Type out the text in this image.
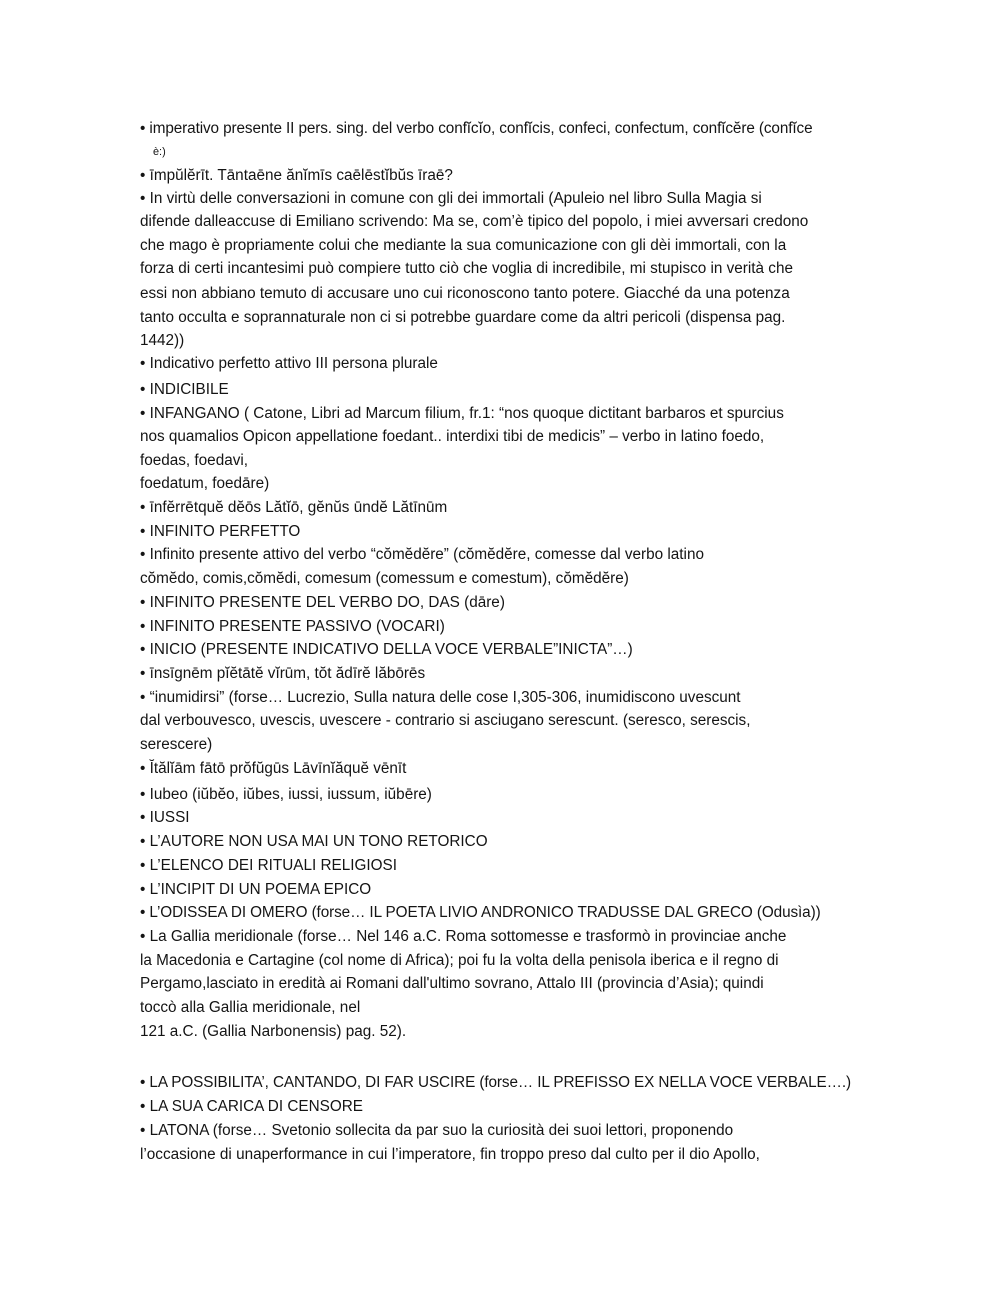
• imperativo presente II pers. sing. del verbo confĭcĭo, confĭcis, confeci, confectum, confĭcĕre (confĭce
è:)
• īmpŭlĕrīt. Tāntaēne ănĭmīs caēlēstĭbŭs īraē?
• In virtù delle conversazioni in comune con gli dei immortali (Apuleio nel libro Sulla Magia si
difende dalleaccuse di Emiliano scrivendo: Ma se, com’è tipico del popolo, i miei avversari credono
che mago è propriamente colui che mediante la sua comunicazione con gli dèi immortali, con la
forza di certi incantesimi può compiere tutto ciò che voglia di incredibile, mi stupisco in verità che
essi non abbiano temuto di accusare uno cui riconoscono tanto potere. Giacché da una potenza
tanto occulta e soprannaturale non ci si potrebbe guardare come da altri pericoli (dispensa pag.
1442))
• Indicativo perfetto attivo III persona plurale
• INDICIBILE
• INFANGANO ( Catone, Libri ad Marcum filium, fr.1: “nos quoque dictitant barbaros et spurcius
nos quamalios Opicon appellatione foedant.. interdixi tibi de medicis” – verbo in latino foedo,
foedas, foedavi,
foedatum, foedāre)
• īnfĕrrētquĕ dĕōs Lătĭō, gĕnŭs ūndĕ Lătīnūm
• INFINITO PERFETTO
• Infinito presente attivo del verbo “cŏmĕdĕre” (cŏmĕdĕre, comesse dal verbo latino
cŏmĕdo, comis,cŏmĕdi, comesum (comessum e comestum), cŏmĕdĕre)
• INFINITO PRESENTE DEL VERBO DO, DAS (dāre)
• INFINITO PRESENTE PASSIVO (VOCARI)
• INICIO (PRESENTE INDICATIVO DELLA VOCE VERBALE”INICTA”…)
• īnsīgnēm pĭĕtātĕ vĭrūm, tŏt ădīrĕ lăbōrēs
• “inumidirsi” (forse… Lucrezio, Sulla natura delle cose I,305-306, inumidiscono uvescunt
dal verbouvesco, uvescis, uvescere - contrario si asciugano serescunt. (seresco, serescis,
serescere)
• Ĭtălĭām fātō prŏfŭgūs Lāvīnĭăquĕ vēnīt
• Iubeo (iŭbĕo, iŭbes, iussi, iussum, iŭbēre)
• IUSSI
• L’AUTORE NON USA MAI UN TONO RETORICO
• L’ELENCO DEI RITUALI RELIGIOSI
• L’INCIPIT DI UN POEMA EPICO
• L’ODISSEA DI OMERO (forse… IL POETA LIVIO ANDRONICO TRADUSSE DAL GRECO (Odusìa))
• La Gallia meridionale (forse… Nel 146 a.C. Roma sottomesse e trasformò in provinciae anche
la Macedonia e Cartagine (col nome di Africa); poi fu la volta della penisola iberica e il regno di
Pergamo,lasciato in eredità ai Romani dall'ultimo sovrano, Attalo III (provincia d’Asia); quindi
toccò alla Gallia meridionale, nel
121 a.C. (Gallia Narbonensis) pag. 52).
• LA POSSIBILITA’, CANTANDO, DI FAR USCIRE (forse… IL PREFISSO EX NELLA VOCE VERBALE….)
• LA SUA CARICA DI CENSORE
• LATONA (forse… Svetonio sollecita da par suo la curiosità dei suoi lettori, proponendo
l’occasione di unaperformance in cui l’imperatore, fin troppo preso dal culto per il dio Apollo,
